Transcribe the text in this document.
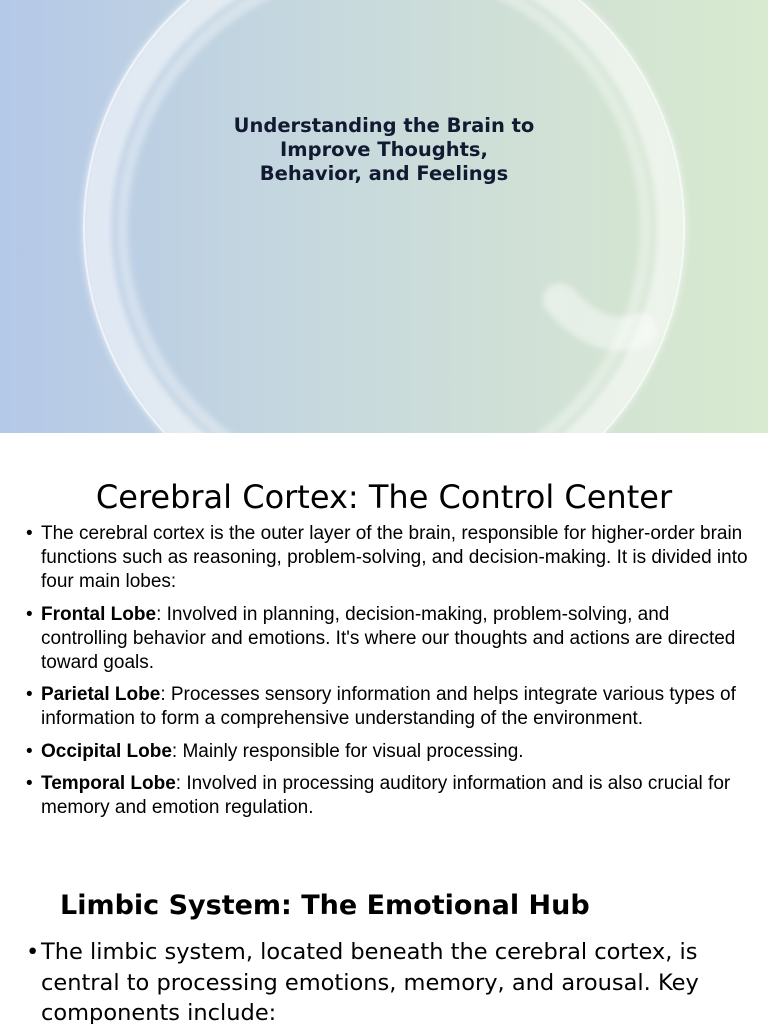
Understanding the Brain to
Improve Thoughts,
Behavior, and Feelings
Cerebral Cortex: The Control Center
• The cerebral cortex is the outer layer of the brain, responsible for higher-order brain functions such as reasoning, problem-solving, and decision-making. It is divided into four main lobes:
• Frontal Lobe: Involved in planning, decision-making, problem-solving, and controlling behavior and emotions. It's where our thoughts and actions are directed toward goals.
• Parietal Lobe: Processes sensory information and helps integrate various types of information to form a comprehensive understanding of the environment.
• Occipital Lobe: Mainly responsible for visual processing.
• Temporal Lobe: Involved in processing auditory information and is also crucial for memory and emotion regulation.
Limbic System: The Emotional Hub
• The limbic system, located beneath the cerebral cortex, is central to processing emotions, memory, and arousal. Key components include:
